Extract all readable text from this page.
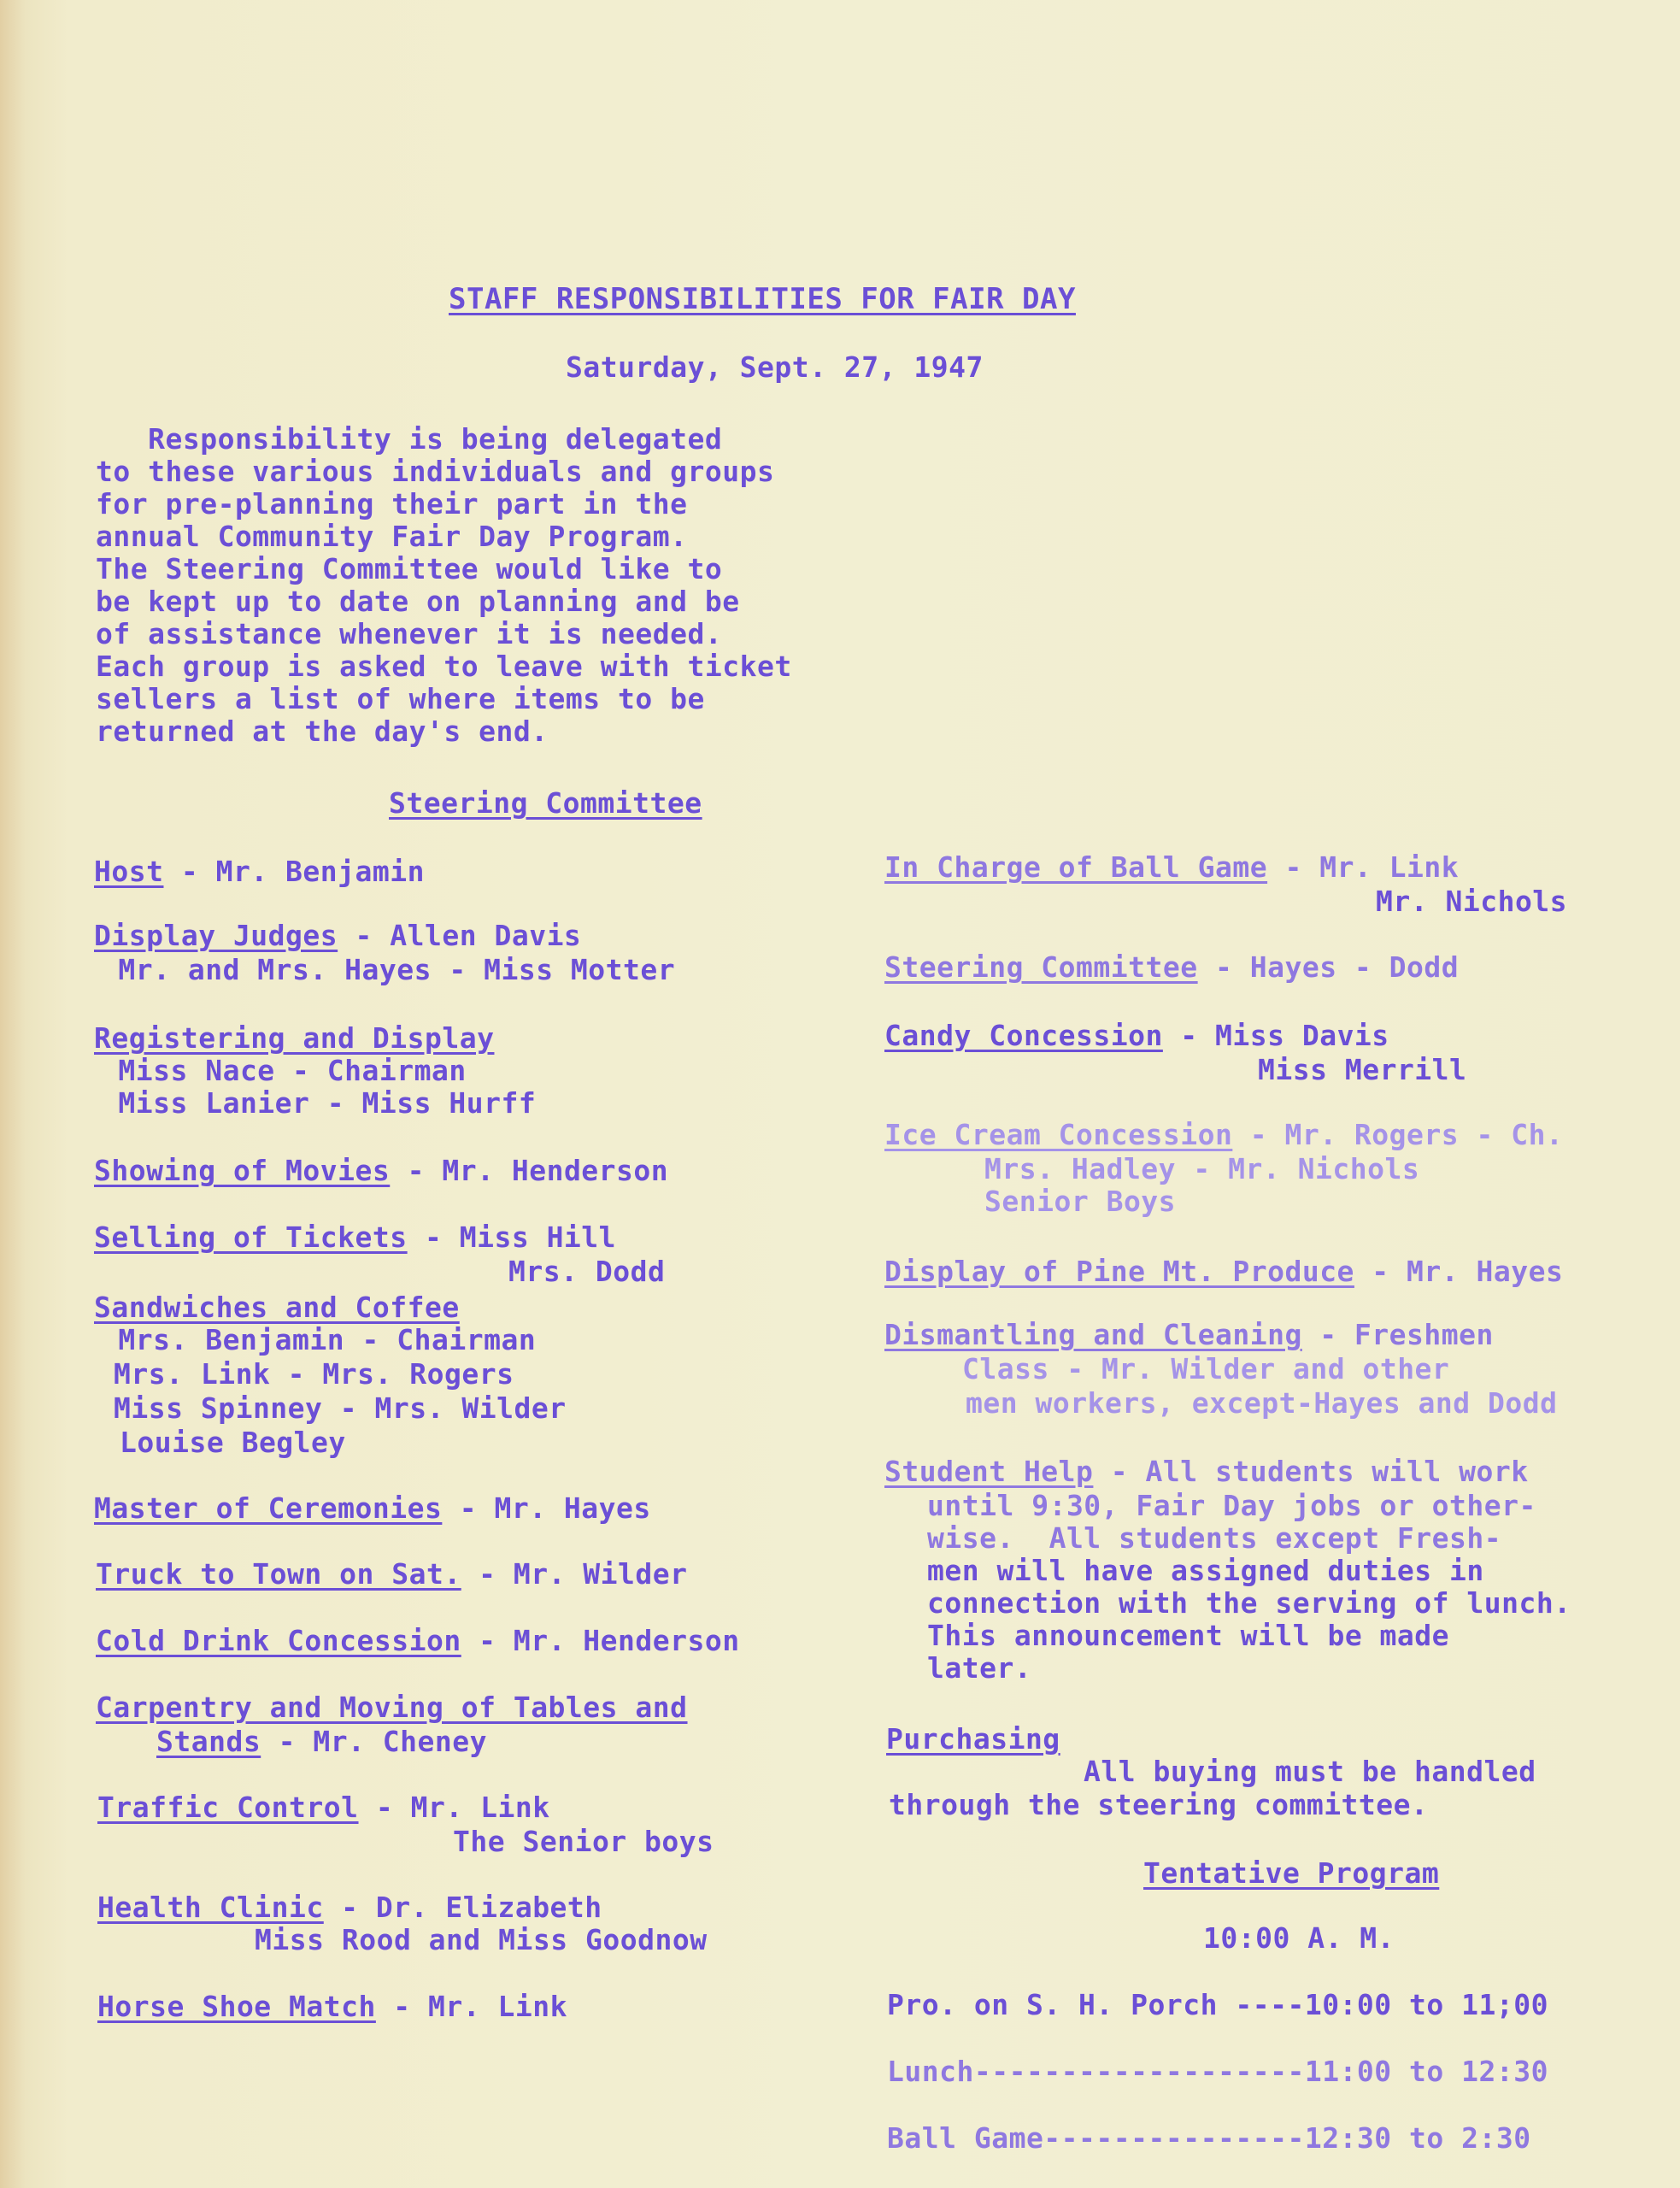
STAFF RESPONSIBILITIES FOR FAIR DAY
Saturday, Sept. 27, 1947
Responsibility is being delegated
to these various individuals and groups
for pre-planning their part in the
annual Community Fair Day Program.
The Steering Committee would like to
be kept up to date on planning and be
of assistance whenever it is needed.
Each group is asked to leave with ticket
sellers a list of where items to be
returned at the day's end.
Steering Committee
Host - Mr. Benjamin
Display Judges - Allen Davis
Mr. and Mrs. Hayes - Miss Motter
Registering and Display
Miss Nace - Chairman
Miss Lanier - Miss Hurff
Showing of Movies - Mr. Henderson
Selling of Tickets - Miss Hill
Mrs. Dodd
Sandwiches and Coffee
Mrs. Benjamin - Chairman
Mrs. Link - Mrs. Rogers
Miss Spinney - Mrs. Wilder
Louise Begley
Master of Ceremonies - Mr. Hayes
Truck to Town on Sat. - Mr. Wilder
Cold Drink Concession - Mr. Henderson
Carpentry and Moving of Tables and
Stands - Mr. Cheney
Traffic Control - Mr. Link
The Senior boys
Health Clinic - Dr. Elizabeth
Miss Rood and Miss Goodnow
Horse Shoe Match - Mr. Link
In Charge of Ball Game - Mr. Link
Mr. Nichols
Steering Committee - Hayes - Dodd
Candy Concession - Miss Davis
Miss Merrill
Ice Cream Concession - Mr. Rogers - Ch.
Mrs. Hadley - Mr. Nichols
Senior Boys
Display of Pine Mt. Produce - Mr. Hayes
Dismantling and Cleaning - Freshmen
Class - Mr. Wilder and other
men workers, except-Hayes and Dodd
Student Help - All students will work
until 9:30, Fair Day jobs or other-
wise.  All students except Fresh-
men will have assigned duties in
connection with the serving of lunch.
This announcement will be made
later.
Purchasing
All buying must be handled
through the steering committee.
Tentative Program
10:00 A. M.
Pro. on S. H. Porch ----10:00 to 11;00
Lunch-------------------11:00 to 12:30
Ball Game---------------12:30 to 2:30
